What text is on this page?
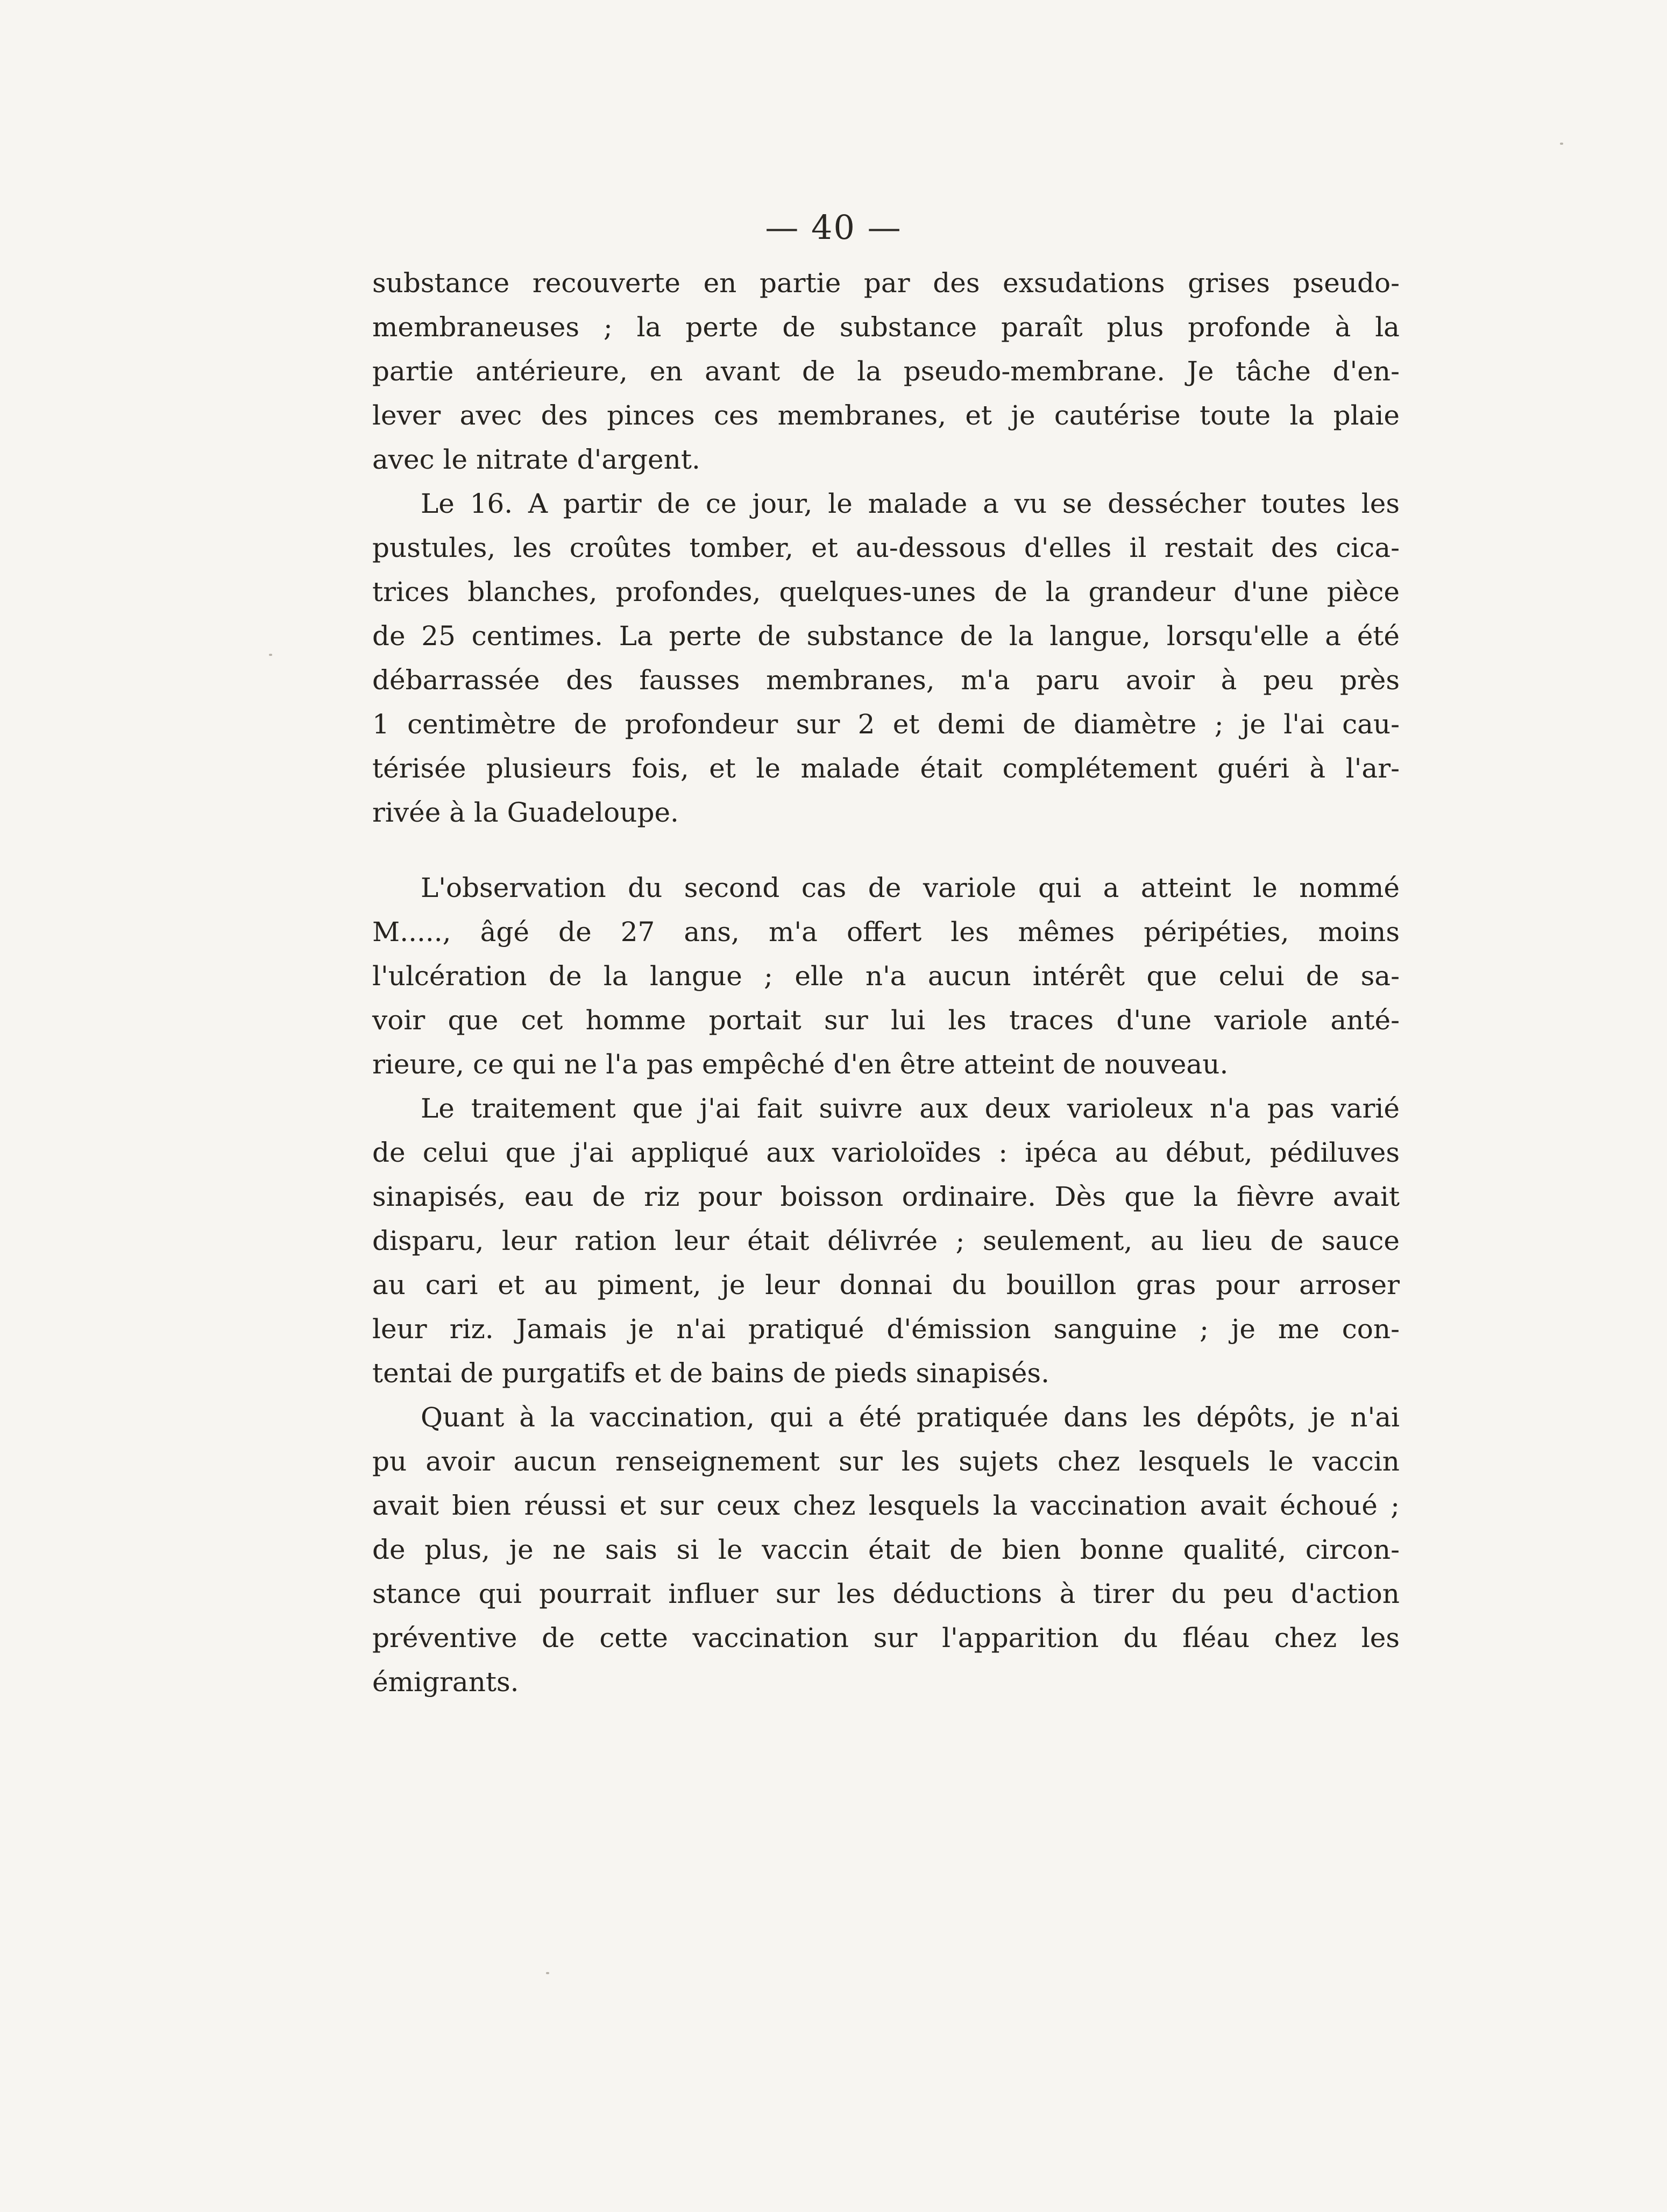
— 40 —
substance recouverte en partie par des exsudations grises pseudo-
membraneuses ; la perte de substance paraît plus profonde à la
partie antérieure, en avant de la pseudo-membrane. Je tâche d'en-
lever avec des pinces ces membranes, et je cautérise toute la plaie
avec le nitrate d'argent.
Le 16. A partir de ce jour, le malade a vu se dessécher toutes les
pustules, les croûtes tomber, et au-dessous d'elles il restait des cica-
trices blanches, profondes, quelques-unes de la grandeur d'une pièce
de 25 centimes. La perte de substance de la langue, lorsqu'elle a été
débarrassée des fausses membranes, m'a paru avoir à peu près
1 centimètre de profondeur sur 2 et demi de diamètre ; je l'ai cau-
térisée plusieurs fois, et le malade était complétement guéri à l'ar-
rivée à la Guadeloupe.
L'observation du second cas de variole qui a atteint le nommé
M....., âgé de 27 ans, m'a offert les mêmes péripéties, moins
l'ulcération de la langue ; elle n'a aucun intérêt que celui de sa-
voir que cet homme portait sur lui les traces d'une variole anté-
rieure, ce qui ne l'a pas empêché d'en être atteint de nouveau.
Le traitement que j'ai fait suivre aux deux varioleux n'a pas varié
de celui que j'ai appliqué aux varioloïdes : ipéca au début, pédiluves
sinapisés, eau de riz pour boisson ordinaire. Dès que la fièvre avait
disparu, leur ration leur était délivrée ; seulement, au lieu de sauce
au cari et au piment, je leur donnai du bouillon gras pour arroser
leur riz. Jamais je n'ai pratiqué d'émission sanguine ; je me con-
tentai de purgatifs et de bains de pieds sinapisés.
Quant à la vaccination, qui a été pratiquée dans les dépôts, je n'ai
pu avoir aucun renseignement sur les sujets chez lesquels le vaccin
avait bien réussi et sur ceux chez lesquels la vaccination avait échoué ;
de plus, je ne sais si le vaccin était de bien bonne qualité, circon-
stance qui pourrait influer sur les déductions à tirer du peu d'action
préventive de cette vaccination sur l'apparition du fléau chez les
émigrants.
